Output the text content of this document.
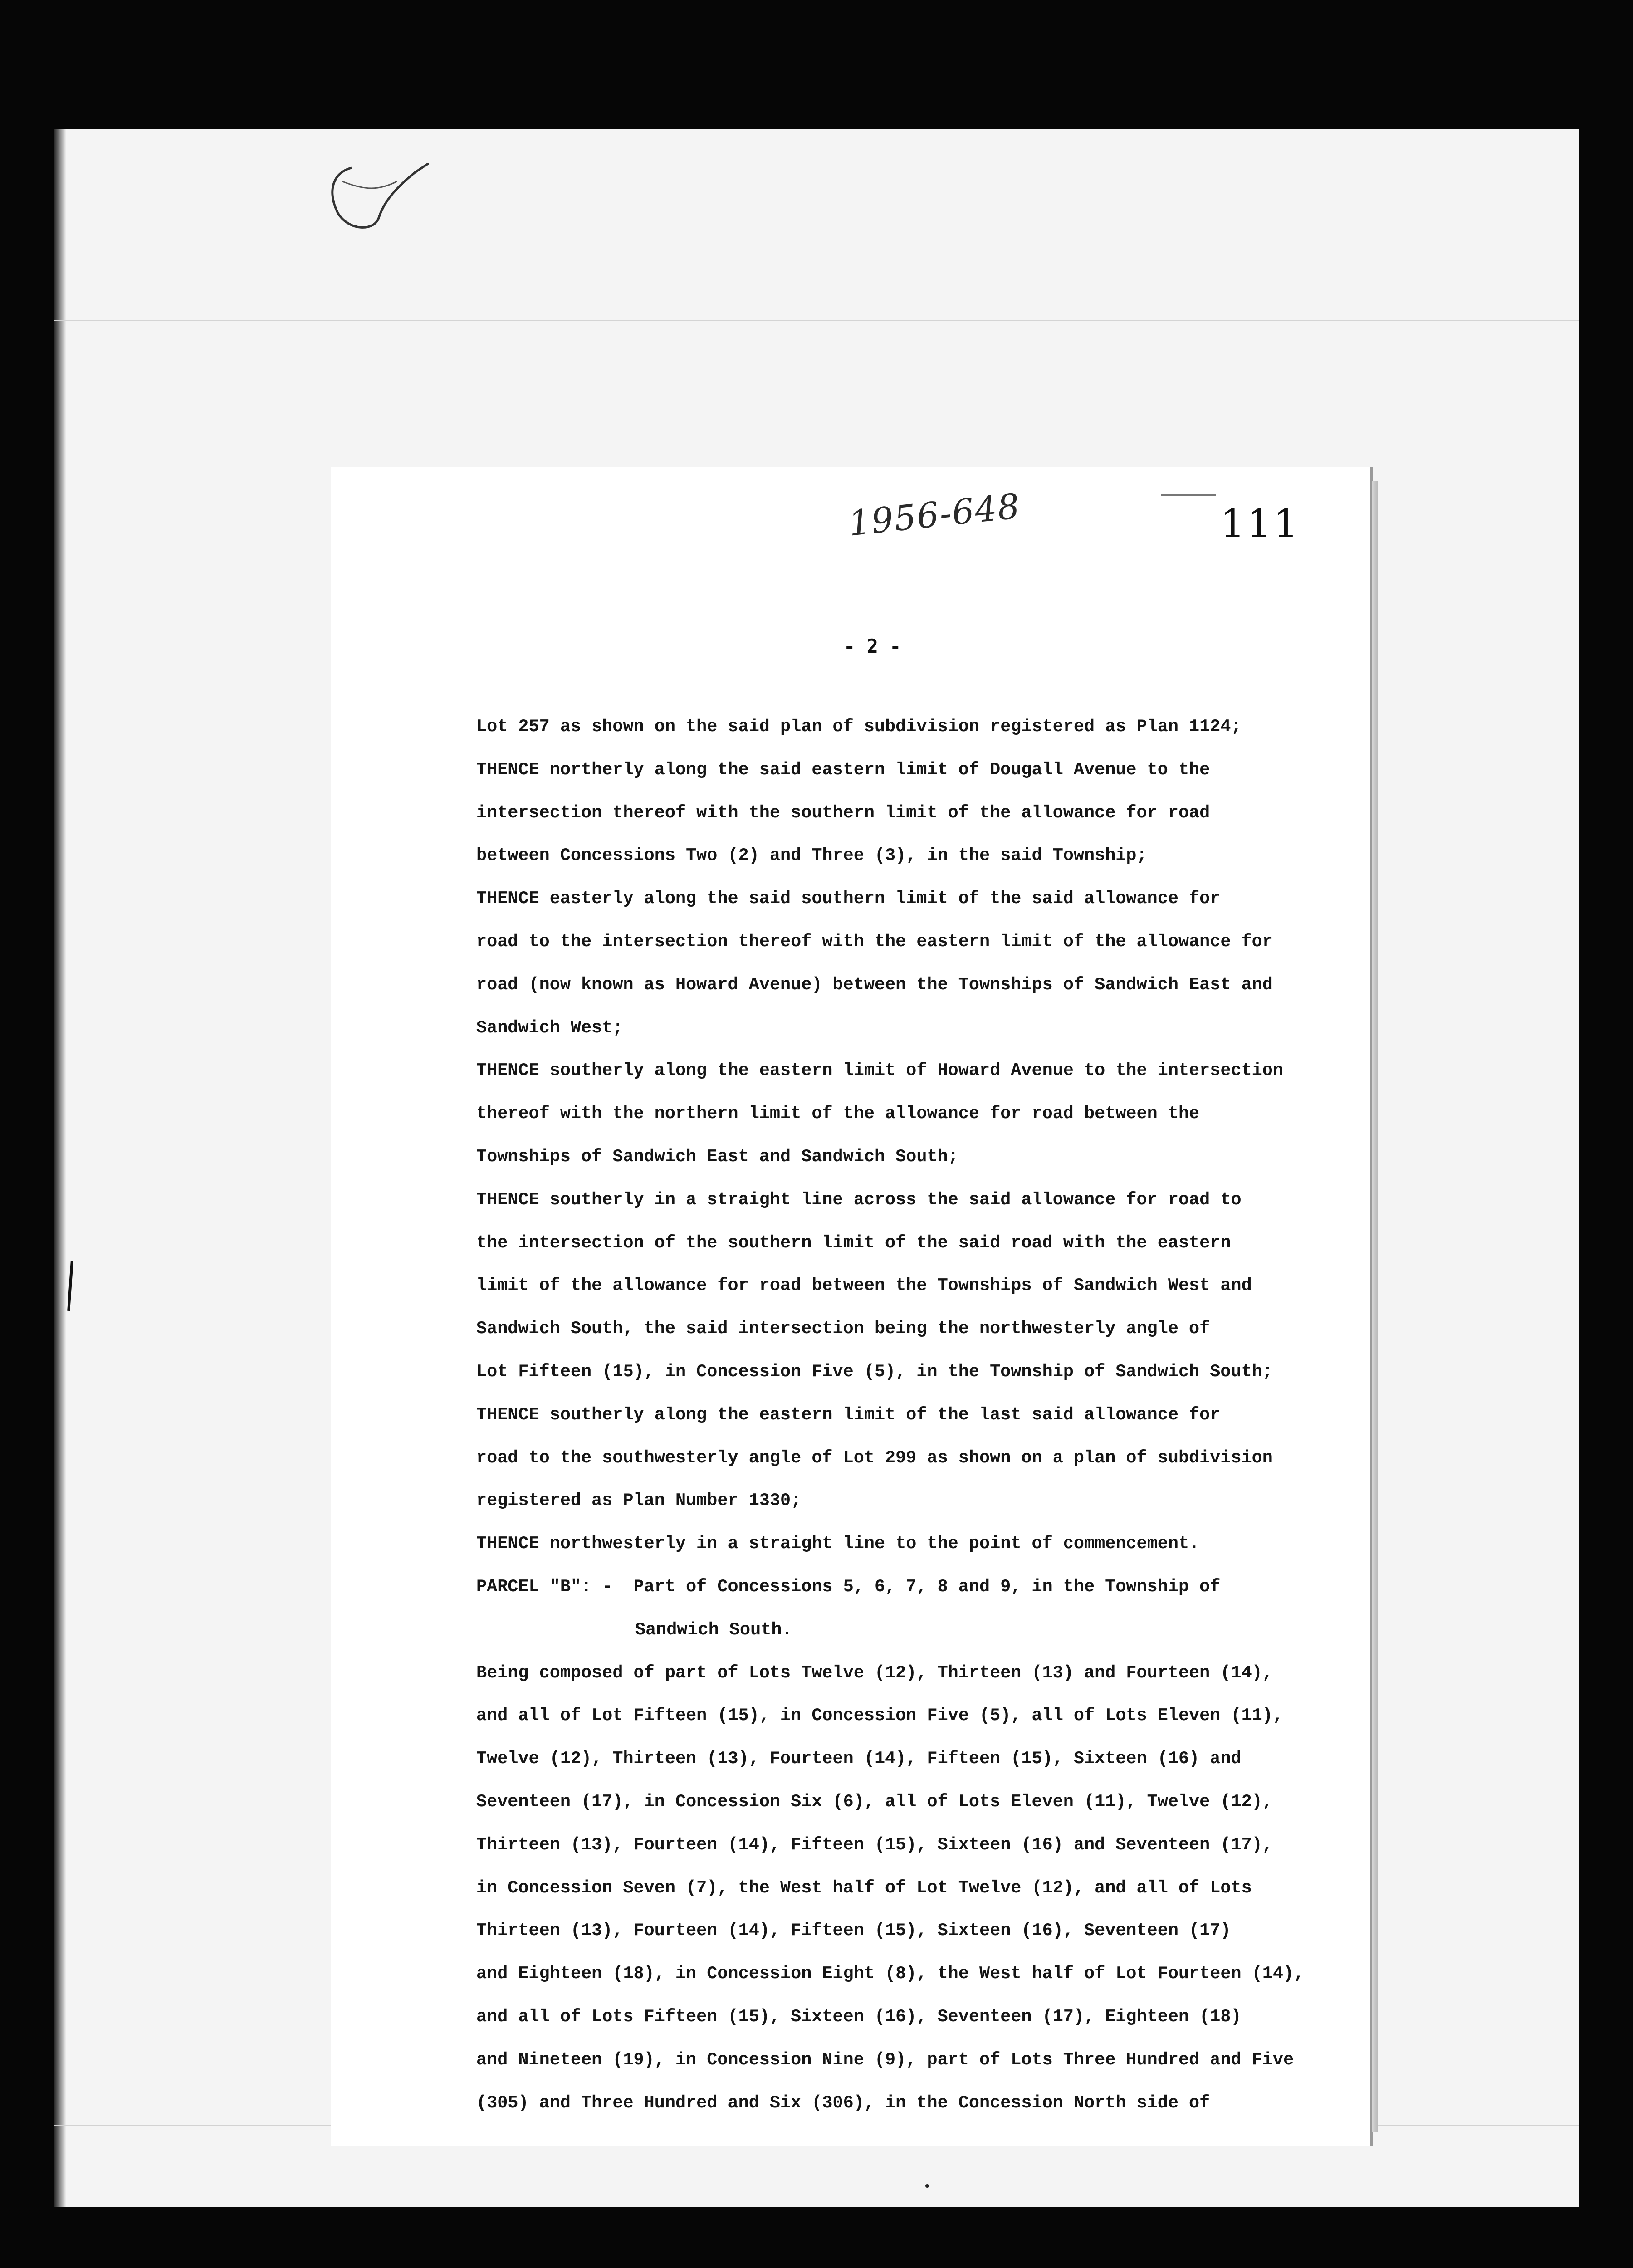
1956-648	111
- 2 -
Lot 257 as shown on the said plan of subdivision registered as Plan 1124;
THENCE northerly along the said eastern limit of Dougall Avenue to the
intersection thereof with the southern limit of the allowance for road
between Concessions Two (2) and Three (3), in the said Township;
THENCE easterly along the said southern limit of the said allowance for
road to the intersection thereof with the eastern limit of the allowance for
road (now known as Howard Avenue) between the Townships of Sandwich East and
Sandwich West;
THENCE southerly along the eastern limit of Howard Avenue to the intersection
thereof with the northern limit of the allowance for road between the
Townships of Sandwich East and Sandwich South;
THENCE southerly in a straight line across the said allowance for road to
the intersection of the southern limit of the said road with the eastern
limit of the allowance for road between the Townships of Sandwich West and
Sandwich South, the said intersection being the northwesterly angle of
Lot Fifteen (15), in Concession Five (5), in the Township of Sandwich South;
THENCE southerly along the eastern limit of the last said allowance for
road to the southwesterly angle of Lot 299 as shown on a plan of subdivision
registered as Plan Number 1330;
THENCE northwesterly in a straight line to the point of commencement.
PARCEL "B": -  Part of Concessions 5, 6, 7, 8 and 9, in the Township of
Sandwich South.
Being composed of part of Lots Twelve (12), Thirteen (13) and Fourteen (14),
and all of Lot Fifteen (15), in Concession Five (5), all of Lots Eleven (11),
Twelve (12), Thirteen (13), Fourteen (14), Fifteen (15), Sixteen (16) and
Seventeen (17), in Concession Six (6), all of Lots Eleven (11), Twelve (12),
Thirteen (13), Fourteen (14), Fifteen (15), Sixteen (16) and Seventeen (17),
in Concession Seven (7), the West half of Lot Twelve (12), and all of Lots
Thirteen (13), Fourteen (14), Fifteen (15), Sixteen (16), Seventeen (17)
and Eighteen (18), in Concession Eight (8), the West half of Lot Fourteen (14),
and all of Lots Fifteen (15), Sixteen (16), Seventeen (17), Eighteen (18)
and Nineteen (19), in Concession Nine (9), part of Lots Three Hundred and Five
(305) and Three Hundred and Six (306), in the Concession North side of
